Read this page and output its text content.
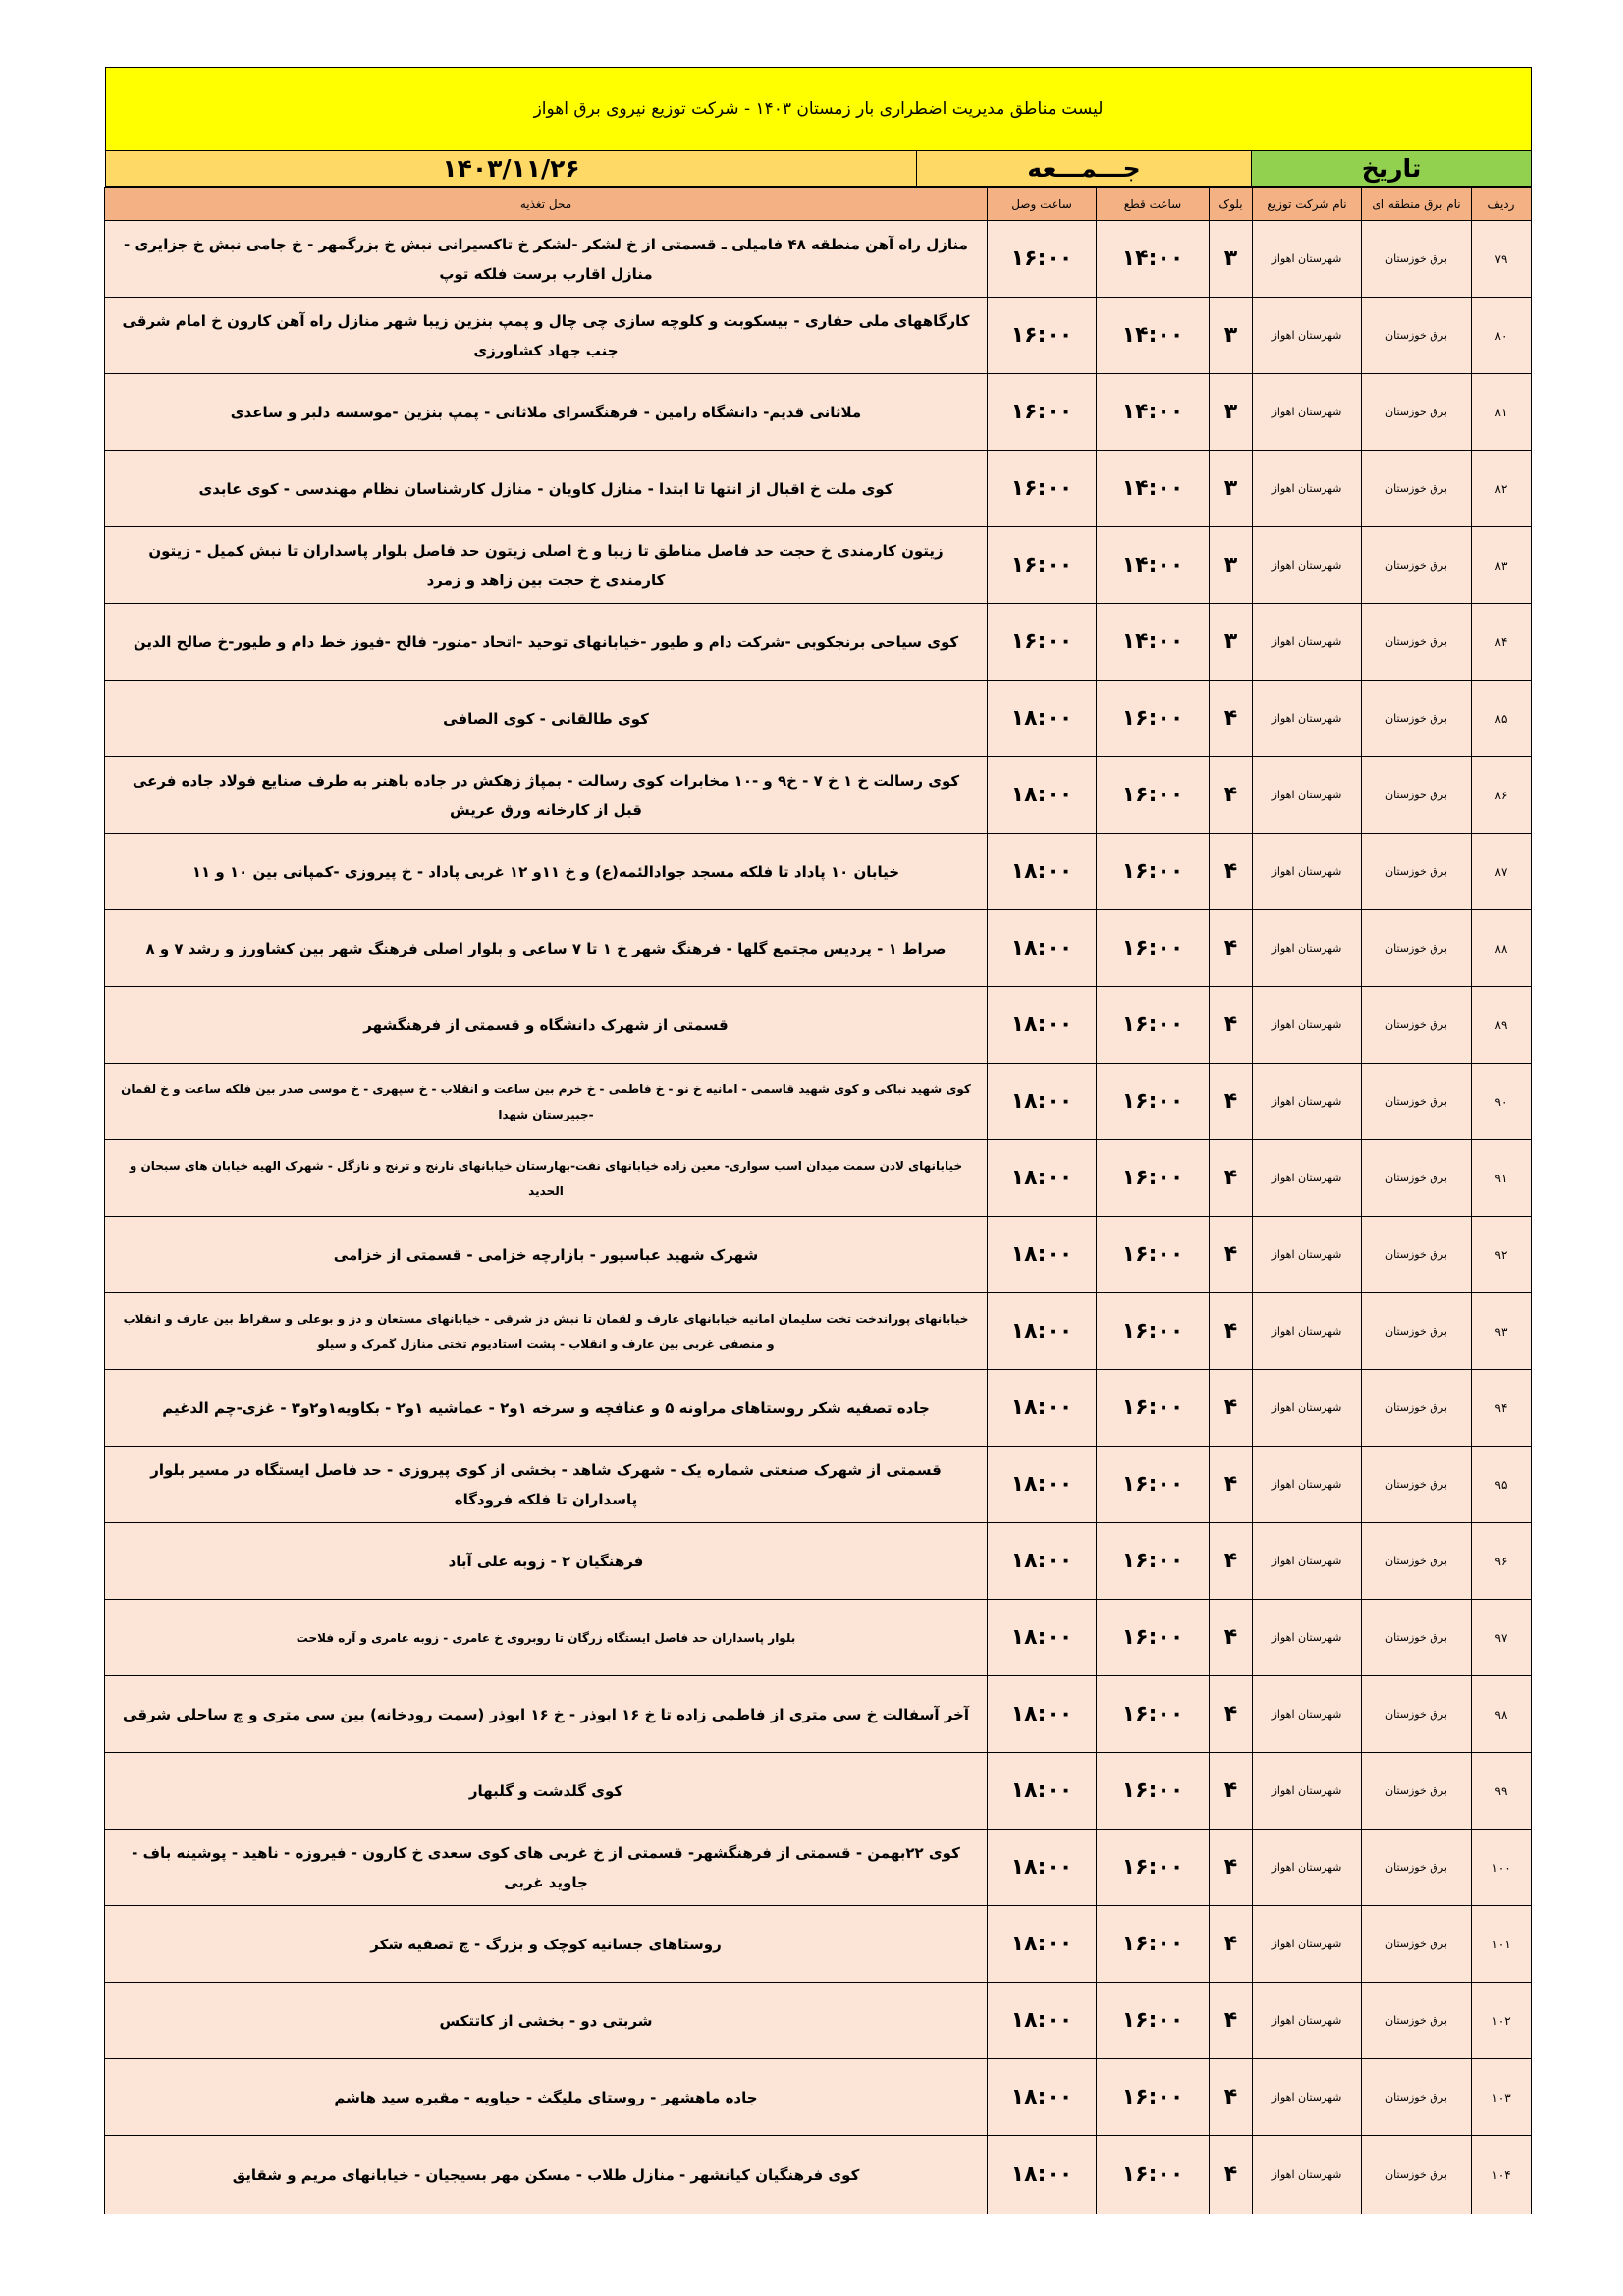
لیست مناطق مدیریت اضطراری بار زمستان ۱۴۰۳ - شرکت توزیع نیروی برق اهواز
تاریخ
جـــمـــعه
۱۴۰۳/۱۱/۲۶
ردیف	نام برق منطقه ای	نام شرکت توزیع	بلوک	ساعت قطع	ساعت وصل	محل تغذیه
۷۹	برق خوزستان	شهرستان اهواز	۳	۱۴:۰۰	۱۶:۰۰	منازل راه آهن منطقه ۴۸ فامیلی ـ قسمتی از خ لشکر -لشکر خ تاکسیرانی نبش خ بزرگمهر - خ جامی نبش خ جزایری - منازل اقارب برست فلکه توپ
۸۰	برق خوزستان	شهرستان اهواز	۳	۱۴:۰۰	۱۶:۰۰	کارگاههای ملی حفاری - بیسکوبت و کلوچه سازی چی چال و پمپ بنزین زیبا شهر منازل راه آهن کارون خ امام شرقی جنب جهاد کشاورزی
۸۱	برق خوزستان	شهرستان اهواز	۳	۱۴:۰۰	۱۶:۰۰	ملاثانی قدیم- دانشگاه رامین - فرهنگسرای ملاثانی - پمپ بنزین -موسسه دلبر و ساعدی
۸۲	برق خوزستان	شهرستان اهواز	۳	۱۴:۰۰	۱۶:۰۰	کوی ملت خ اقبال از انتها تا ابتدا - منازل کاویان - منازل کارشناسان نظام مهندسی - کوی عابدی
۸۳	برق خوزستان	شهرستان اهواز	۳	۱۴:۰۰	۱۶:۰۰	زیتون کارمندی خ حجت حد فاصل مناطق تا زیبا و خ اصلی زیتون حد فاصل بلوار پاسداران تا نبش کمیل - زیتون کارمندی خ حجت بین زاهد و زمرد
۸۴	برق خوزستان	شهرستان اهواز	۳	۱۴:۰۰	۱۶:۰۰	کوی سیاحی برنجکوبی -شرکت دام و طیور -خیابانهای توحید -اتحاد -منور- فالح -فیوز خط دام و طیور-خ صالح الدین
۸۵	برق خوزستان	شهرستان اهواز	۴	۱۶:۰۰	۱۸:۰۰	کوی طالقانی - کوی الصافی
۸۶	برق خوزستان	شهرستان اهواز	۴	۱۶:۰۰	۱۸:۰۰	کوی رسالت خ ۱ خ ۷ - خ۹ و -۱۰ مخابرات کوی رسالت - بمپاژ زهکش در جاده باهنر به طرف صنایع فولاد جاده فرعی قبل از کارخانه ورق عریش
۸۷	برق خوزستان	شهرستان اهواز	۴	۱۶:۰۰	۱۸:۰۰	خیابان ۱۰ پاداد تا فلکه مسجد جوادالئمه(ع) و خ ۱۱و ۱۲ غربی پاداد - خ پیروزی -کمپانی بین ۱۰ و ۱۱
۸۸	برق خوزستان	شهرستان اهواز	۴	۱۶:۰۰	۱۸:۰۰	صراط ۱ - پردیس مجتمع گلها - فرهنگ شهر خ ۱ تا ۷ ساعی و بلوار اصلی فرهنگ شهر بین کشاورز و رشد ۷ و ۸
۸۹	برق خوزستان	شهرستان اهواز	۴	۱۶:۰۰	۱۸:۰۰	قسمتی از شهرک دانشگاه و قسمتی از فرهنگشهر
۹۰	برق خوزستان	شهرستان اهواز	۴	۱۶:۰۰	۱۸:۰۰	کوی شهید نباکی و کوی شهید قاسمی - امانیه خ نو - خ فاطمی - خ خرم بین ساعت و انقلاب - خ سپهری - خ موسی صدر بین فلکه ساعت و خ لقمان -جبیرستان شهدا
۹۱	برق خوزستان	شهرستان اهواز	۴	۱۶:۰۰	۱۸:۰۰	خیابانهای لادن سمت میدان اسب سواری- معین زاده خیابانهای نفت-بهارستان خیابانهای نارنج و ترنج و نازگل - شهرک الهیه خیابان های سبحان و الحدید
۹۲	برق خوزستان	شهرستان اهواز	۴	۱۶:۰۰	۱۸:۰۰	شهرک شهید عباسپور - بازارچه خزامی - قسمتی از خزامی
۹۳	برق خوزستان	شهرستان اهواز	۴	۱۶:۰۰	۱۸:۰۰	خیابانهای پوراندخت تخت سلیمان امانیه خیابانهای عارف و لقمان تا نبش دز شرقی - خیابانهای مستعان و دز و بوعلی و سقراط بین عارف و انقلاب و منصفی غربی بین عارف و انقلاب - پشت استادیوم تختی منازل گمرک و سیلو
۹۴	برق خوزستان	شهرستان اهواز	۴	۱۶:۰۰	۱۸:۰۰	جاده تصفیه شکر روستاهای مراونه ۵ و عنافچه و سرخه ۱و۲ - عماشیه ۱و۲ - بکاویه۱و۲و۳ - غزی-چم الدغیم
۹۵	برق خوزستان	شهرستان اهواز	۴	۱۶:۰۰	۱۸:۰۰	قسمتی از شهرک صنعتی شماره یک - شهرک شاهد - بخشی از کوی پیروزی - حد فاصل ایستگاه در مسیر بلوار پاسداران تا فلکه فرودگاه
۹۶	برق خوزستان	شهرستان اهواز	۴	۱۶:۰۰	۱۸:۰۰	فرهنگیان ۲ - زوبه علی آباد
۹۷	برق خوزستان	شهرستان اهواز	۴	۱۶:۰۰	۱۸:۰۰	بلوار پاسداران حد فاصل ایستگاه زرگان تا روبروی خ عامری - زوبه عامری و آره فلاحت
۹۸	برق خوزستان	شهرستان اهواز	۴	۱۶:۰۰	۱۸:۰۰	آخر آسفالت خ سی متری از فاطمی زاده تا خ ۱۶ ابوذر - خ ۱۶ ابوذر (سمت رودخانه) بین سی متری و چ ساحلی شرقی
۹۹	برق خوزستان	شهرستان اهواز	۴	۱۶:۰۰	۱۸:۰۰	کوی گلدشت و گلبهار
۱۰۰	برق خوزستان	شهرستان اهواز	۴	۱۶:۰۰	۱۸:۰۰	کوی ۲۲بهمن - قسمتی از فرهنگشهر- قسمتی از خ غربی های کوی سعدی خ کارون - فیروزه - ناهید - پوشینه باف - جاوید غربی
۱۰۱	برق خوزستان	شهرستان اهواز	۴	۱۶:۰۰	۱۸:۰۰	روستاهای جسانیه کوچک و بزرگ - چ تصفیه شکر
۱۰۲	برق خوزستان	شهرستان اهواز	۴	۱۶:۰۰	۱۸:۰۰	شربتی دو - بخشی از کاتتکس
۱۰۳	برق خوزستان	شهرستان اهواز	۴	۱۶:۰۰	۱۸:۰۰	جاده ماهشهر - روستای ملیگث - حیاویه - مقبره سید هاشم
۱۰۴	برق خوزستان	شهرستان اهواز	۴	۱۶:۰۰	۱۸:۰۰	کوی فرهنگیان کیانشهر - منازل طلاب - مسکن مهر بسیجیان - خیابانهای مریم و شقایق
